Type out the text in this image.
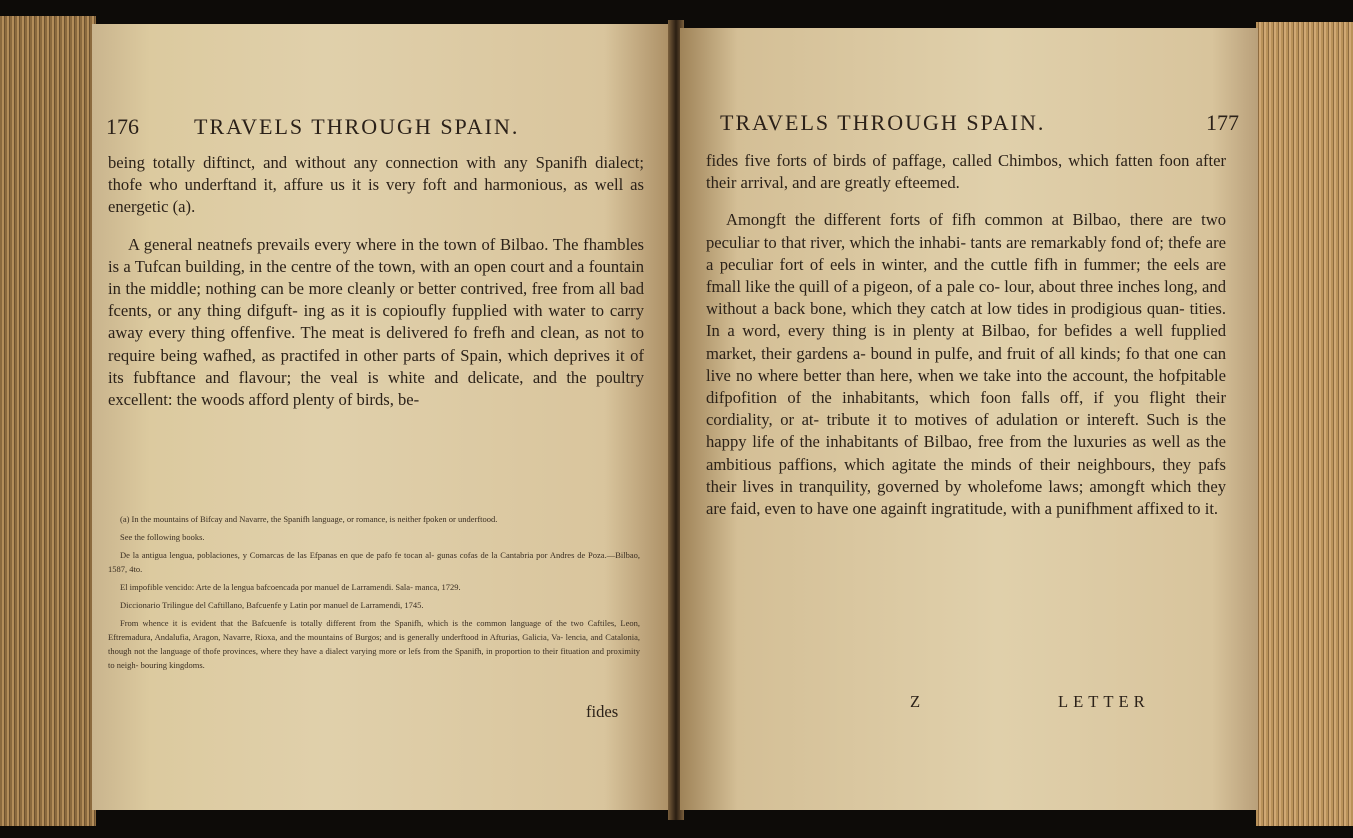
176	TRAVELS THROUGH SPAIN.

being totally diftinct, and without any connection with any Spanifh dialect; thofe who underftand it, affure us it is very foft and harmonious, as well as energetic (a).

A general neatnefs prevails every where in the town of Bilbao. The fhambles is a Tufcan building, in the centre of the town, with an open court and a fountain in the middle; nothing can be more cleanly or better contrived, free from all bad fcents, or any thing difguft- ing as it is copioufly fupplied with water to carry away every thing offenfive. The meat is delivered fo frefh and clean, as not to require being wafhed, as practifed in other parts of Spain, which deprives it of its fubftance and flavour; the veal is white and delicate, and the poultry excellent: the woods afford plenty of birds, be-

(a) In the mountains of Bifcay and Navarre, the Spanifh language, or romance, is neither fpoken or underftood.

See the following books.

De la antigua lengua, poblaciones, y Comarcas de las Efpanas en que de pafo fe tocan al- gunas cofas de la Cantabria por Andres de Poza.—Bilbao, 1587, 4to.

El impofible vencido: Arte de la lengua bafcoencada por manuel de Larramendi. Sala- manca, 1729.

Diccionario Trilingue del Caftillano, Bafcuenfe y Latin por manuel de Larramendi, 1745.

From whence it is evident that the Bafcuenfe is totally different from the Spanifh, which is the common language of the two Caftiles, Leon, Eftremadura, Andalufia, Aragon, Navarre, Rioxa, and the mountains of Burgos; and is generally underftood in Afturias, Galicia, Va- lencia, and Catalonia, though not the language of thofe provinces, where they have a dialect varying more or lefs from the Spanifh, in proportion to their fituation and proximity to neigh- bouring kingdoms.

fides
TRAVELS THROUGH SPAIN.	177

fides five forts of birds of paffage, called Chimbos, which fatten foon after their arrival, and are greatly efteemed.

Amongft the different forts of fifh common at Bilbao, there are two peculiar to that river, which the inhabi- tants are remarkably fond of; thefe are a peculiar fort of eels in winter, and the cuttle fifh in fummer; the eels are fmall like the quill of a pigeon, of a pale co- lour, about three inches long, and without a back bone, which they catch at low tides in prodigious quan- tities. In a word, every thing is in plenty at Bilbao, for befides a well fupplied market, their gardens a- bound in pulfe, and fruit of all kinds; fo that one can live no where better than here, when we take into the account, the hofpitable difpofition of the inhabitants, which foon falls off, if you flight their cordiality, or at- tribute it to motives of adulation or intereft. Such is the happy life of the inhabitants of Bilbao, free from the luxuries as well as the ambitious paffions, which agitate the minds of their neighbours, they pafs their lives in tranquility, governed by wholefome laws; amongft which they are faid, even to have one againft ingratitude, with a punifhment affixed to it.

Z	LETTER
